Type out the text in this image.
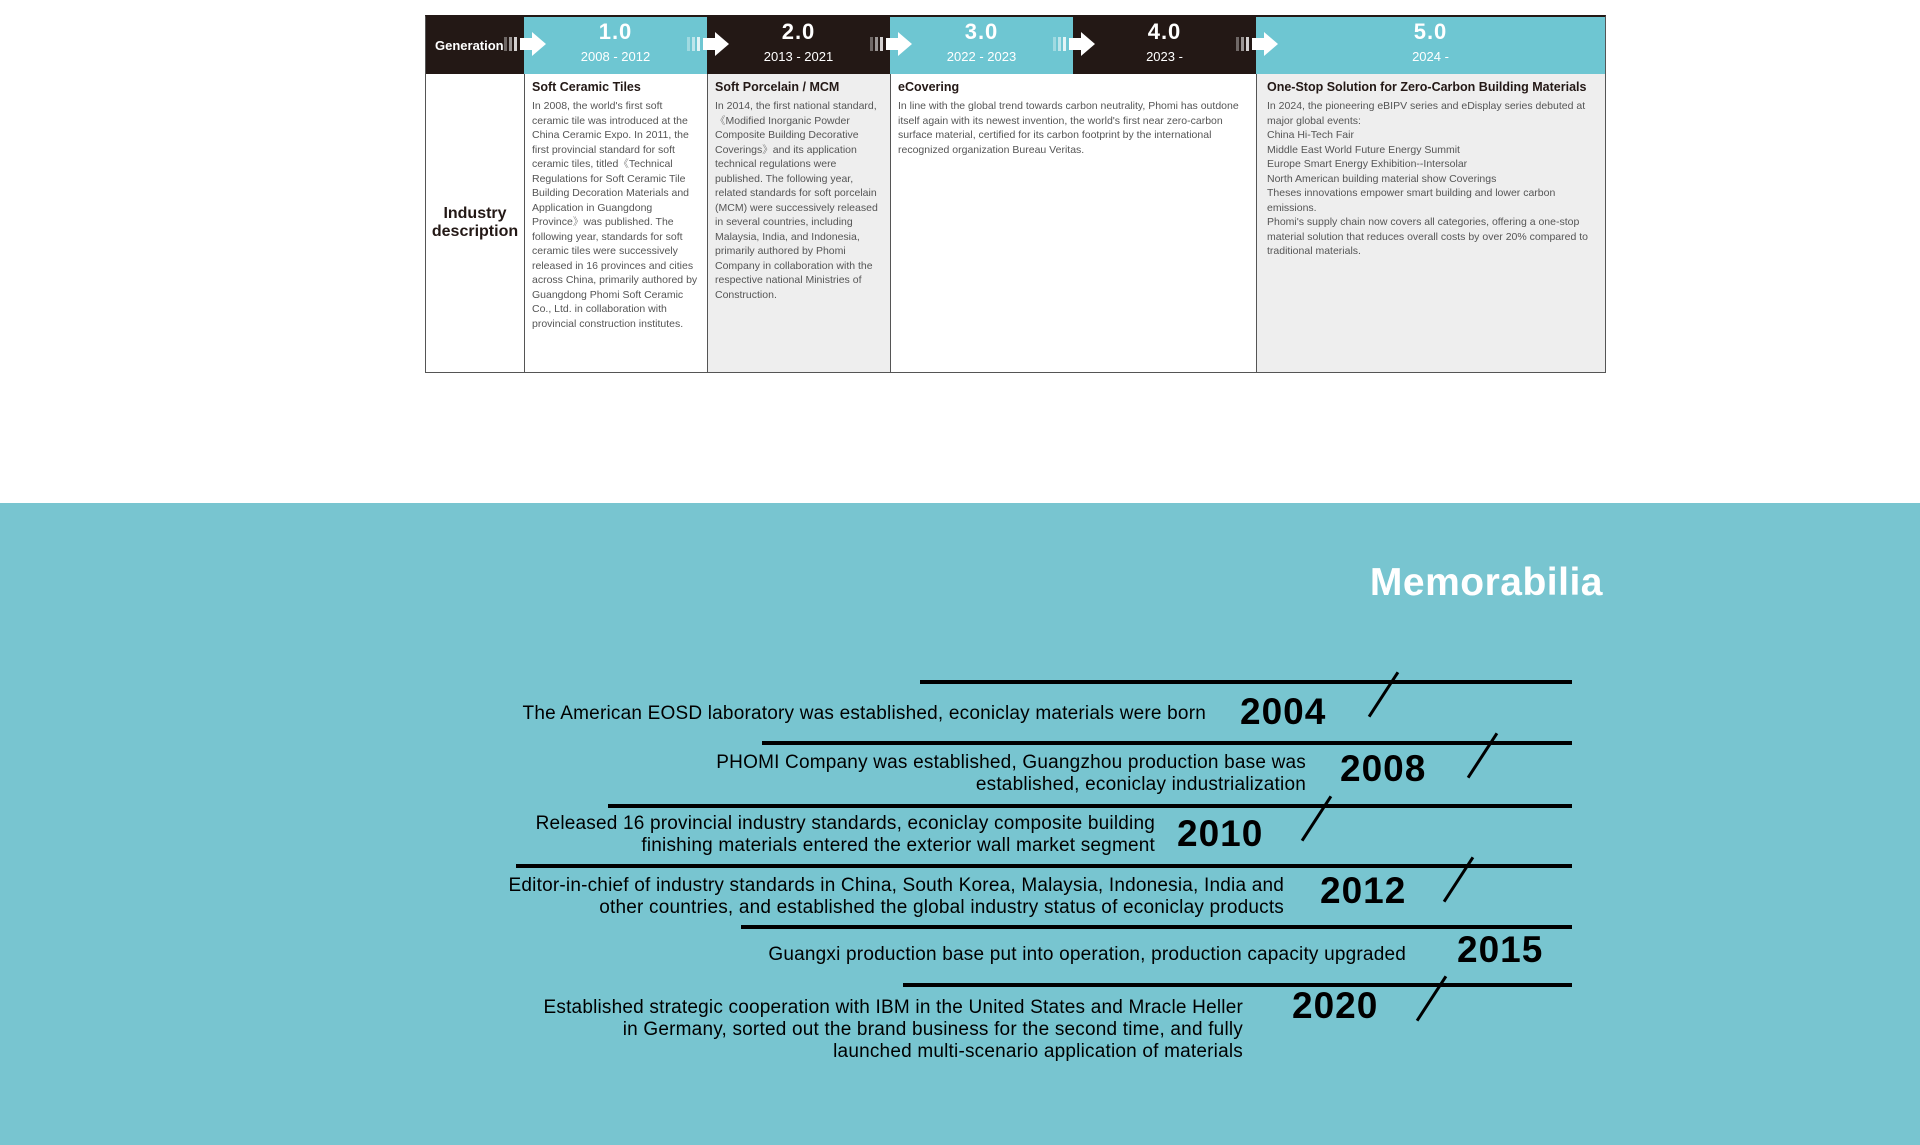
Generation
1.0
2008 - 2012
2.0
2013 - 2021
3.0
2022 - 2023
4.0
2023 -
5.0
2024 -
Industry description
Soft Ceramic Tiles

In 2008, the world's first soft ceramic tile was introduced at the China Ceramic Expo. In 2011, the first provincial standard for soft ceramic tiles, titled《Technical Regulations for Soft Ceramic Tile Building Decoration Materials and Application in Guangdong Province》was published. The following year, standards for soft ceramic tiles were successively released in 16 provinces and cities across China, primarily authored by Guangdong Phomi Soft Ceramic Co., Ltd. in collaboration with provincial construction institutes.

Soft Porcelain / MCM

In 2014, the first national standard,《Modified Inorganic Powder Composite Building Decorative Coverings》and its application technical regulations were published. The following year, related standards for soft porcelain (MCM) were successively released in several countries, including Malaysia, India, and Indonesia, primarily authored by Phomi Company in collaboration with the respective national Ministries of Construction.

eCovering

In line with the global trend towards carbon neutrality, Phomi has outdone itself again with its newest invention, the world's first near zero-carbon surface material, certified for its carbon footprint by the international recognized organization Bureau Veritas.

One-Stop Solution for Zero-Carbon Building Materials
In 2024, the pioneering eBIPV series and eDisplay series debuted at major global events:
China Hi-Tech Fair
Middle East World Future Energy Summit
Europe Smart Energy Exhibition--Intersolar
North American building material show Coverings
Theses innovations empower smart building and lower carbon emissions.
Phomi's supply chain now covers all categories, offering a one-stop material solution that reduces overall costs by over 20% compared to traditional materials.
Memorabilia
The American EOSD laboratory was established, econiclay materials were born 2004
PHOMI Company was established, Guangzhou production base was
established, econiclay industrialization 2008
Released 16 provincial industry standards, econiclay composite building
finishing materials entered the exterior wall market segment 2010
Editor-in-chief of industry standards in China, South Korea, Malaysia, Indonesia, India and
other countries, and established the global industry status of econiclay products 2012
Guangxi production base put into operation, production capacity upgraded 2015
Established strategic cooperation with IBM in the United States and Mracle Heller
in Germany, sorted out the brand business for the second time, and fully
launched multi-scenario application of materials
2020
